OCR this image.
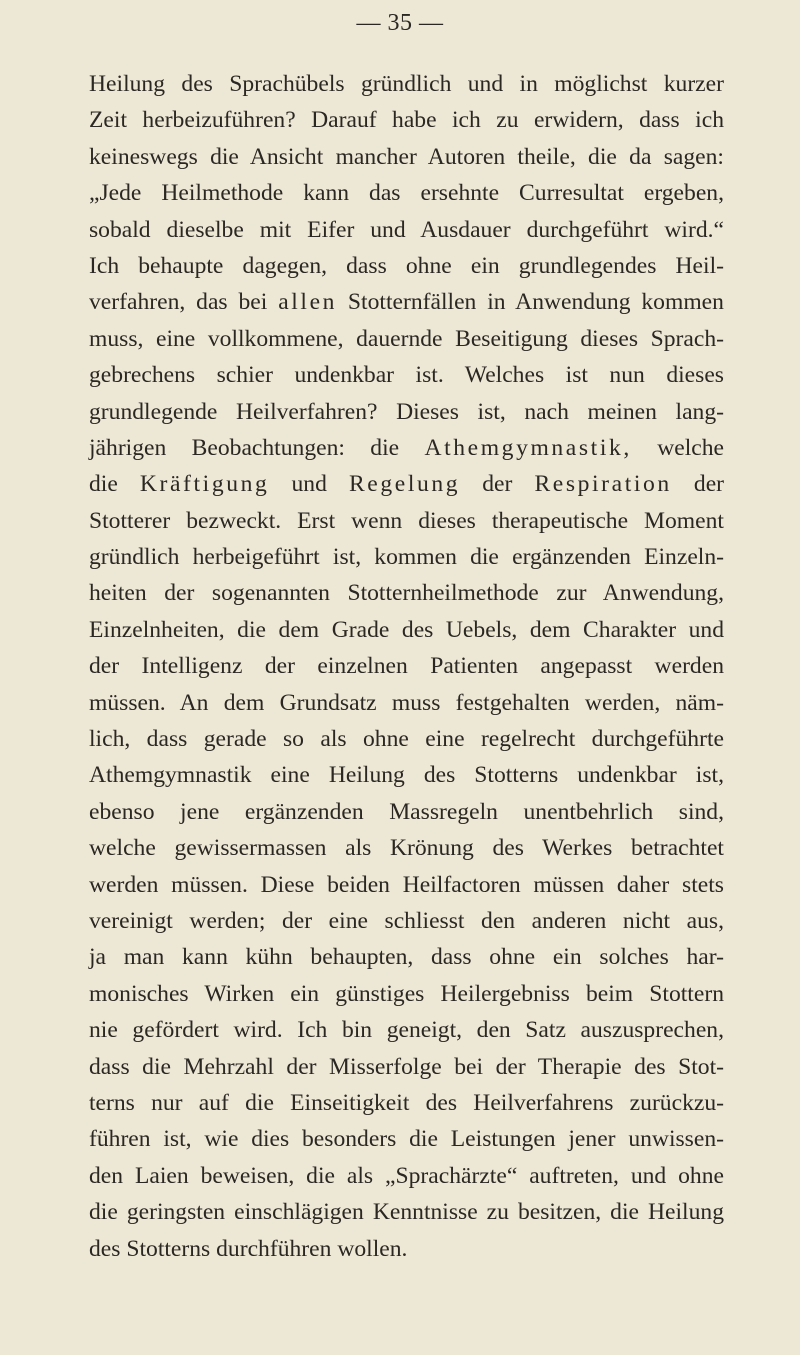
— 35 —
Heilung des Sprachübels gründlich und in möglichst kurzer
Zeit herbeizuführen? Darauf habe ich zu erwidern, dass ich
keineswegs die Ansicht mancher Autoren theile, die da sagen:
„Jede Heilmethode kann das ersehnte Curresultat ergeben,
sobald dieselbe mit Eifer und Ausdauer durchgeführt wird.“
Ich behaupte dagegen, dass ohne ein grundlegendes Heil-
verfahren, das bei allen Stotternfällen in Anwendung kommen
muss, eine vollkommene, dauernde Beseitigung dieses Sprach-
gebrechens schier undenkbar ist. Welches ist nun dieses
grundlegende Heilverfahren? Dieses ist, nach meinen lang-
jährigen Beobachtungen: die Athemgymnastik, welche
die Kräftigung und Regelung der Respiration der
Stotterer bezweckt. Erst wenn dieses therapeutische Moment
gründlich herbeigeführt ist, kommen die ergänzenden Einzeln-
heiten der sogenannten Stotternheilmethode zur Anwendung,
Einzelnheiten, die dem Grade des Uebels, dem Charakter und
der Intelligenz der einzelnen Patienten angepasst werden
müssen. An dem Grundsatz muss festgehalten werden, näm-
lich, dass gerade so als ohne eine regelrecht durchgeführte
Athemgymnastik eine Heilung des Stotterns undenkbar ist,
ebenso jene ergänzenden Massregeln unentbehrlich sind,
welche gewissermassen als Krönung des Werkes betrachtet
werden müssen. Diese beiden Heilfactoren müssen daher stets
vereinigt werden; der eine schliesst den anderen nicht aus,
ja man kann kühn behaupten, dass ohne ein solches har-
monisches Wirken ein günstiges Heilergebniss beim Stottern
nie gefördert wird. Ich bin geneigt, den Satz auszusprechen,
dass die Mehrzahl der Misserfolge bei der Therapie des Stot-
terns nur auf die Einseitigkeit des Heilverfahrens zurückzu-
führen ist, wie dies besonders die Leistungen jener unwissen-
den Laien beweisen, die als „Sprachärzte“ auftreten, und ohne
die geringsten einschlägigen Kenntnisse zu besitzen, die Heilung
des Stotterns durchführen wollen.
